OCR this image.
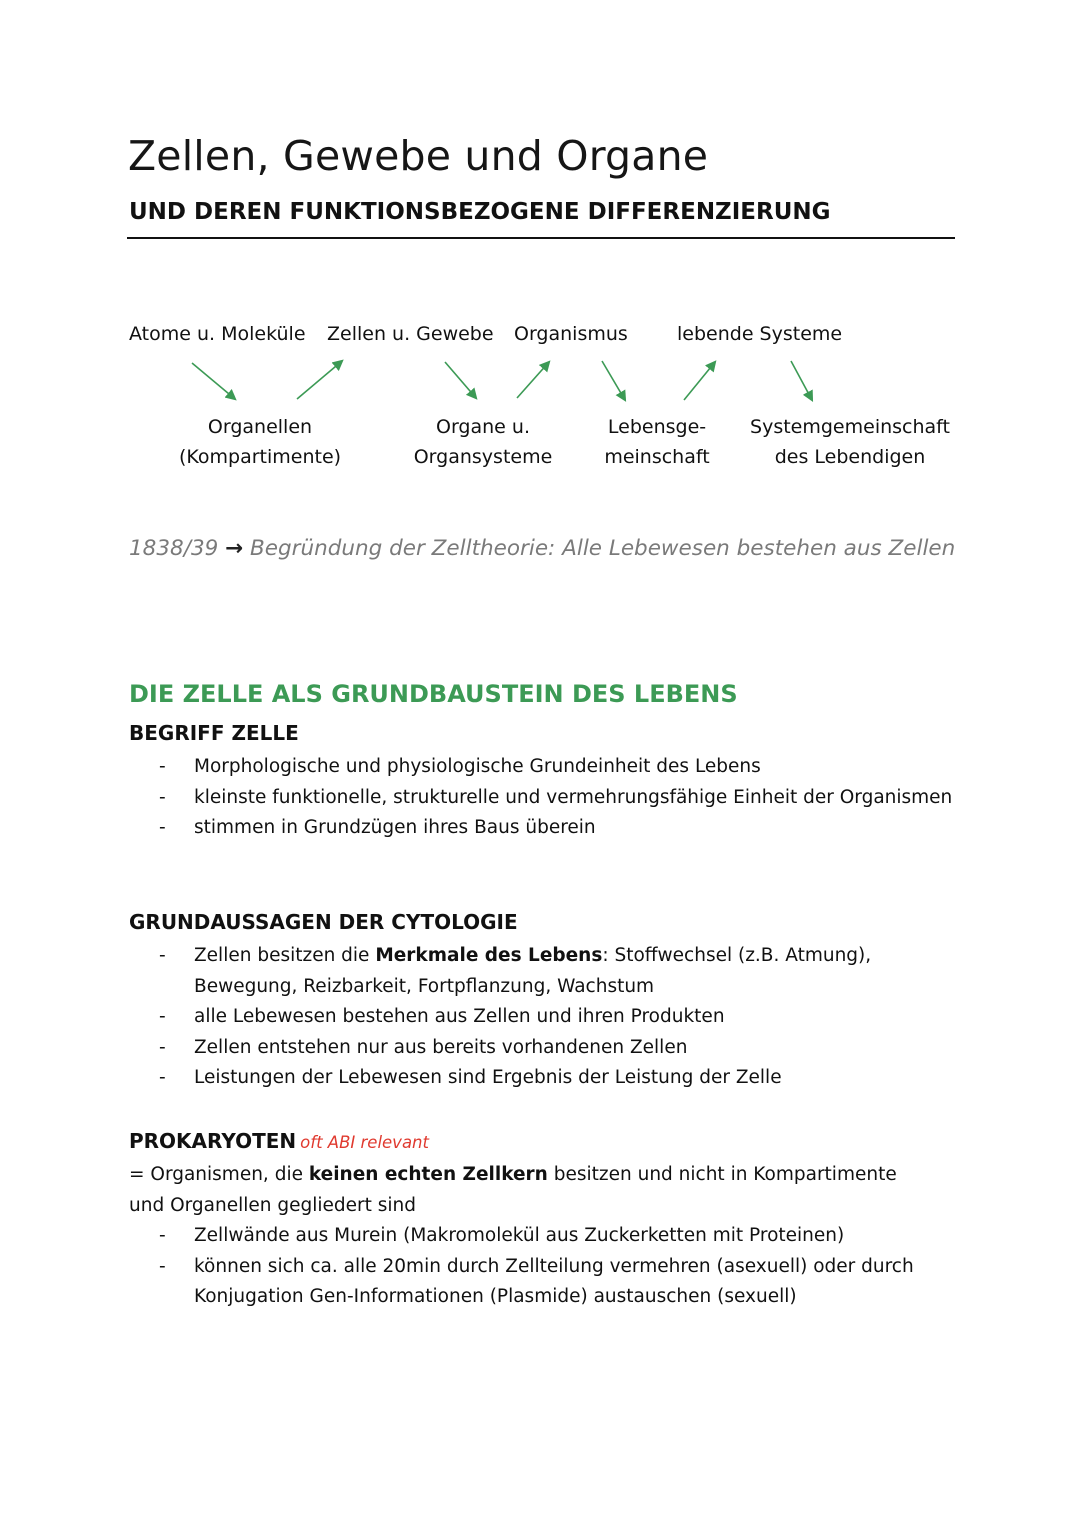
Zellen, Gewebe und Organe
UND DEREN FUNKTIONSBEZOGENE DIFFERENZIERUNG
Atome u. Moleküle Zellen u. Gewebe Organismus	lebende Systeme
Organellen
(Kompartimente)
Organe u.
Organsysteme
Lebensge-
meinschaft
Systemgemeinschaft
des Lebendigen
1838/39 → Begründung der Zelltheorie: Alle Lebewesen bestehen aus Zellen
DIE ZELLE ALS GRUNDBAUSTEIN DES LEBENS
BEGRIFF ZELLE
- Morphologische und physiologische Grundeinheit des Lebens
- kleinste funktionelle, strukturelle und vermehrungsfähige Einheit der Organismen
- stimmen in Grundzügen ihres Baus überein
GRUNDAUSSAGEN DER CYTOLOGIE
- Zellen besitzen die Merkmale des Lebens: Stoffwechsel (z.B. Atmung), Bewegung, Reizbarkeit, Fortpflanzung, Wachstum
- alle Lebewesen bestehen aus Zellen und ihren Produkten
- Zellen entstehen nur aus bereits vorhandenen Zellen
- Leistungen der Lebewesen sind Ergebnis der Leistung der Zelle
PROKARYOTEN oft ABI relevant
= Organismen, die keinen echten Zellkern besitzen und nicht in Kompartimente und Organellen gegliedert sind
- Zellwände aus Murein (Makromolekül aus Zuckerketten mit Proteinen)
- können sich ca. alle 20min durch Zellteilung vermehren (asexuell) oder durch Konjugation Gen-Informationen (Plasmide) austauschen (sexuell)
